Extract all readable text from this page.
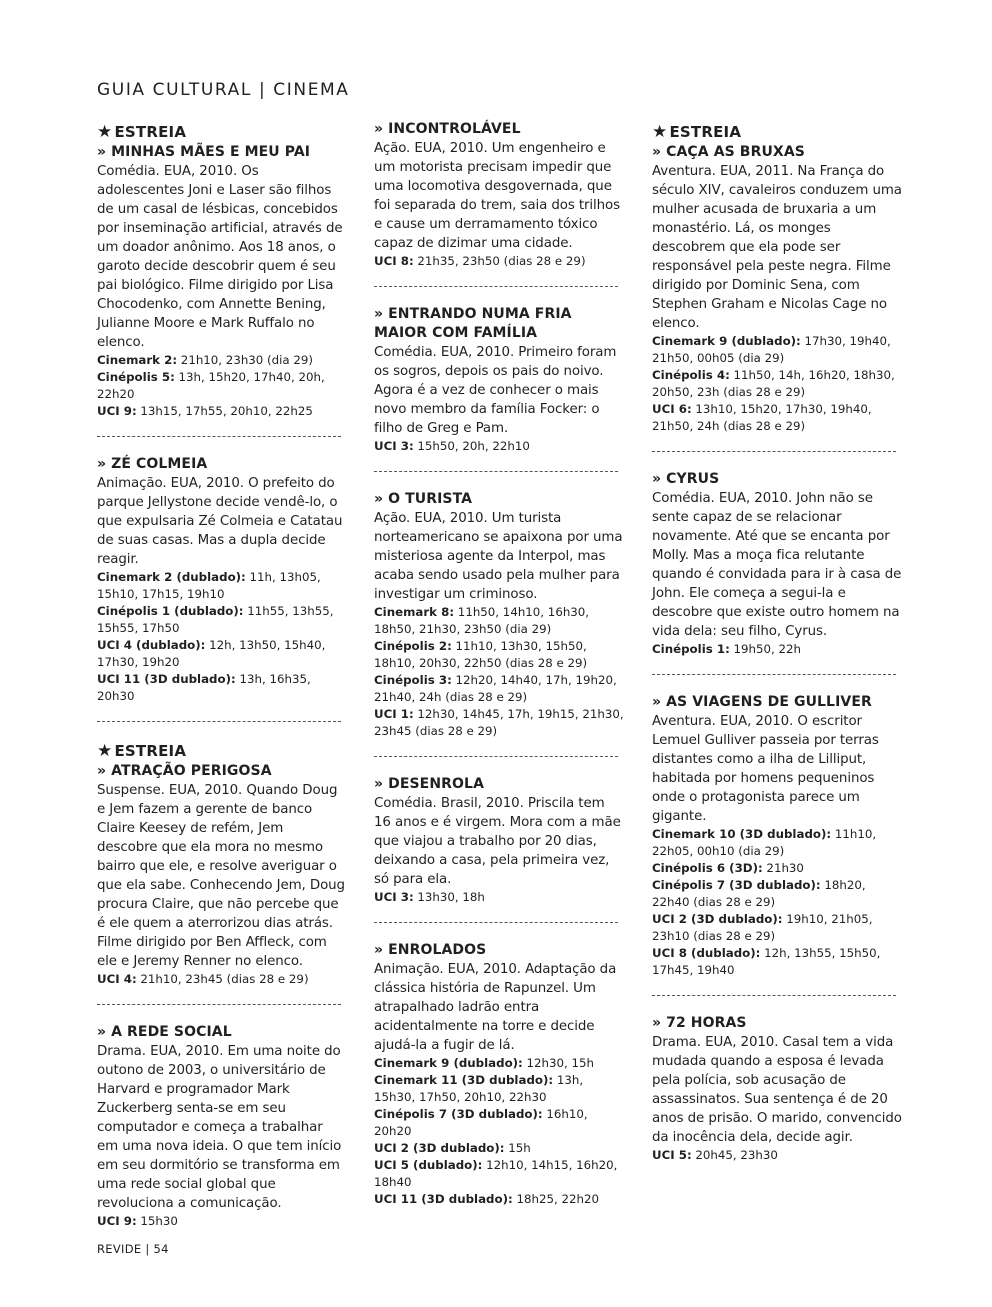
GUIA CULTURAL | CINEMA
★ ESTREIA
» MINHAS MÃES E MEU PAI
Comédia. EUA, 2010. Os adolescentes Joni e Laser são filhos de um casal de lésbicas, concebidos por inseminação artificial, através de um doador anônimo. Aos 18 anos, o garoto decide descobrir quem é seu pai biológico. Filme dirigido por Lisa Chocodenko, com Annette Bening, Julianne Moore e Mark Ruffalo no elenco.
Cinemark 2: 21h10, 23h30 (dia 29)
Cinépolis 5: 13h, 15h20, 17h40, 20h, 22h20
UCI 9: 13h15, 17h55, 20h10, 22h25
» ZÉ COLMEIA
Animação. EUA, 2010. O prefeito do parque Jellystone decide vendê-lo, o que expulsaria Zé Colmeia e Catatau de suas casas. Mas a dupla decide reagir.
Cinemark 2 (dublado): 11h, 13h05, 15h10, 17h15, 19h10
Cinépolis 1 (dublado): 11h55, 13h55, 15h55, 17h50
UCI 4 (dublado): 12h, 13h50, 15h40, 17h30, 19h20
UCI 11 (3D dublado): 13h, 16h35, 20h30
★ ESTREIA
» ATRAÇÃO PERIGOSA
Suspense. EUA, 2010. Quando Doug e Jem fazem a gerente de banco Claire Keesey de refém, Jem descobre que ela mora no mesmo bairro que ele, e resolve averiguar o que ela sabe. Conhecendo Jem, Doug procura Claire, que não percebe que é ele quem a aterrorizou dias atrás. Filme dirigido por Ben Affleck, com ele e Jeremy Renner no elenco.
UCI 4: 21h10, 23h45 (dias 28 e 29)
» A REDE SOCIAL
Drama. EUA, 2010. Em uma noite do outono de 2003, o universitário de Harvard e programador Mark Zuckerberg senta-se em seu computador e começa a trabalhar em uma nova ideia. O que tem início em seu dormitório se transforma em uma rede social global que revoluciona a comunicação.
UCI 9: 15h30
» INCONTROLÁVEL
Ação. EUA, 2010. Um engenheiro e um motorista precisam impedir que uma locomotiva desgovernada, que foi separada do trem, saia dos trilhos e cause um derramamento tóxico capaz de dizimar uma cidade.
UCI 8: 21h35, 23h50 (dias 28 e 29)
» ENTRANDO NUMA FRIA MAIOR COM FAMÍLIA
Comédia. EUA, 2010. Primeiro foram os sogros, depois os pais do noivo. Agora é a vez de conhecer o mais novo membro da família Focker: o filho de Greg e Pam.
UCI 3: 15h50, 20h, 22h10
» O TURISTA
Ação. EUA, 2010. Um turista norteamericano se apaixona por uma misteriosa agente da Interpol, mas acaba sendo usado pela mulher para investigar um criminoso.
Cinemark 8: 11h50, 14h10, 16h30, 18h50, 21h30, 23h50 (dia 29)
Cinépolis 2: 11h10, 13h30, 15h50, 18h10, 20h30, 22h50 (dias 28 e 29)
Cinépolis 3: 12h20, 14h40, 17h, 19h20, 21h40, 24h (dias 28 e 29)
UCI 1: 12h30, 14h45, 17h, 19h15, 21h30, 23h45 (dias 28 e 29)
» DESENROLA
Comédia. Brasil, 2010. Priscila tem 16 anos e é virgem. Mora com a mãe que viajou a trabalho por 20 dias, deixando a casa, pela primeira vez, só para ela.
UCI 3: 13h30, 18h
» ENROLADOS
Animação. EUA, 2010. Adaptação da clássica história de Rapunzel. Um atrapalhado ladrão entra acidentalmente na torre e decide ajudá-la a fugir de lá.
Cinemark 9 (dublado): 12h30, 15h
Cinemark 11 (3D dublado): 13h, 15h30, 17h50, 20h10, 22h30
Cinépolis 7 (3D dublado): 16h10, 20h20
UCI 2 (3D dublado): 15h
UCI 5 (dublado): 12h10, 14h15, 16h20, 18h40
UCI 11 (3D dublado): 18h25, 22h20
★ ESTREIA
» CAÇA AS BRUXAS
Aventura. EUA, 2011. Na França do século XIV, cavaleiros conduzem uma mulher acusada de bruxaria a um monastério. Lá, os monges descobrem que ela pode ser responsável pela peste negra. Filme dirigido por Dominic Sena, com Stephen Graham e Nicolas Cage no elenco.
Cinemark 9 (dublado): 17h30, 19h40, 21h50, 00h05 (dia 29)
Cinépolis 4: 11h50, 14h, 16h20, 18h30, 20h50, 23h (dias 28 e 29)
UCI 6: 13h10, 15h20, 17h30, 19h40, 21h50, 24h (dias 28 e 29)
» CYRUS
Comédia. EUA, 2010. John não se sente capaz de se relacionar novamente. Até que se encanta por Molly. Mas a moça fica relutante quando é convidada para ir à casa de John. Ele começa a segui-la e descobre que existe outro homem na vida dela: seu filho, Cyrus.
Cinépolis 1: 19h50, 22h
» AS VIAGENS DE GULLIVER
Aventura. EUA, 2010. O escritor Lemuel Gulliver passeia por terras distantes como a ilha de Lilliput, habitada por homens pequeninos onde o protagonista parece um gigante.
Cinemark 10 (3D dublado): 11h10, 22h05, 00h10 (dia 29)
Cinépolis 6 (3D): 21h30
Cinépolis 7 (3D dublado): 18h20, 22h40 (dias 28 e 29)
UCI 2 (3D dublado): 19h10, 21h05, 23h10 (dias 28 e 29)
UCI 8 (dublado): 12h, 13h55, 15h50, 17h45, 19h40
» 72 HORAS
Drama. EUA, 2010. Casal tem a vida mudada quando a esposa é levada pela polícia, sob acusação de assassinatos. Sua sentença é de 20 anos de prisão. O marido, convencido da inocência dela, decide agir.
UCI 5: 20h45, 23h30
REVIDE | 54
